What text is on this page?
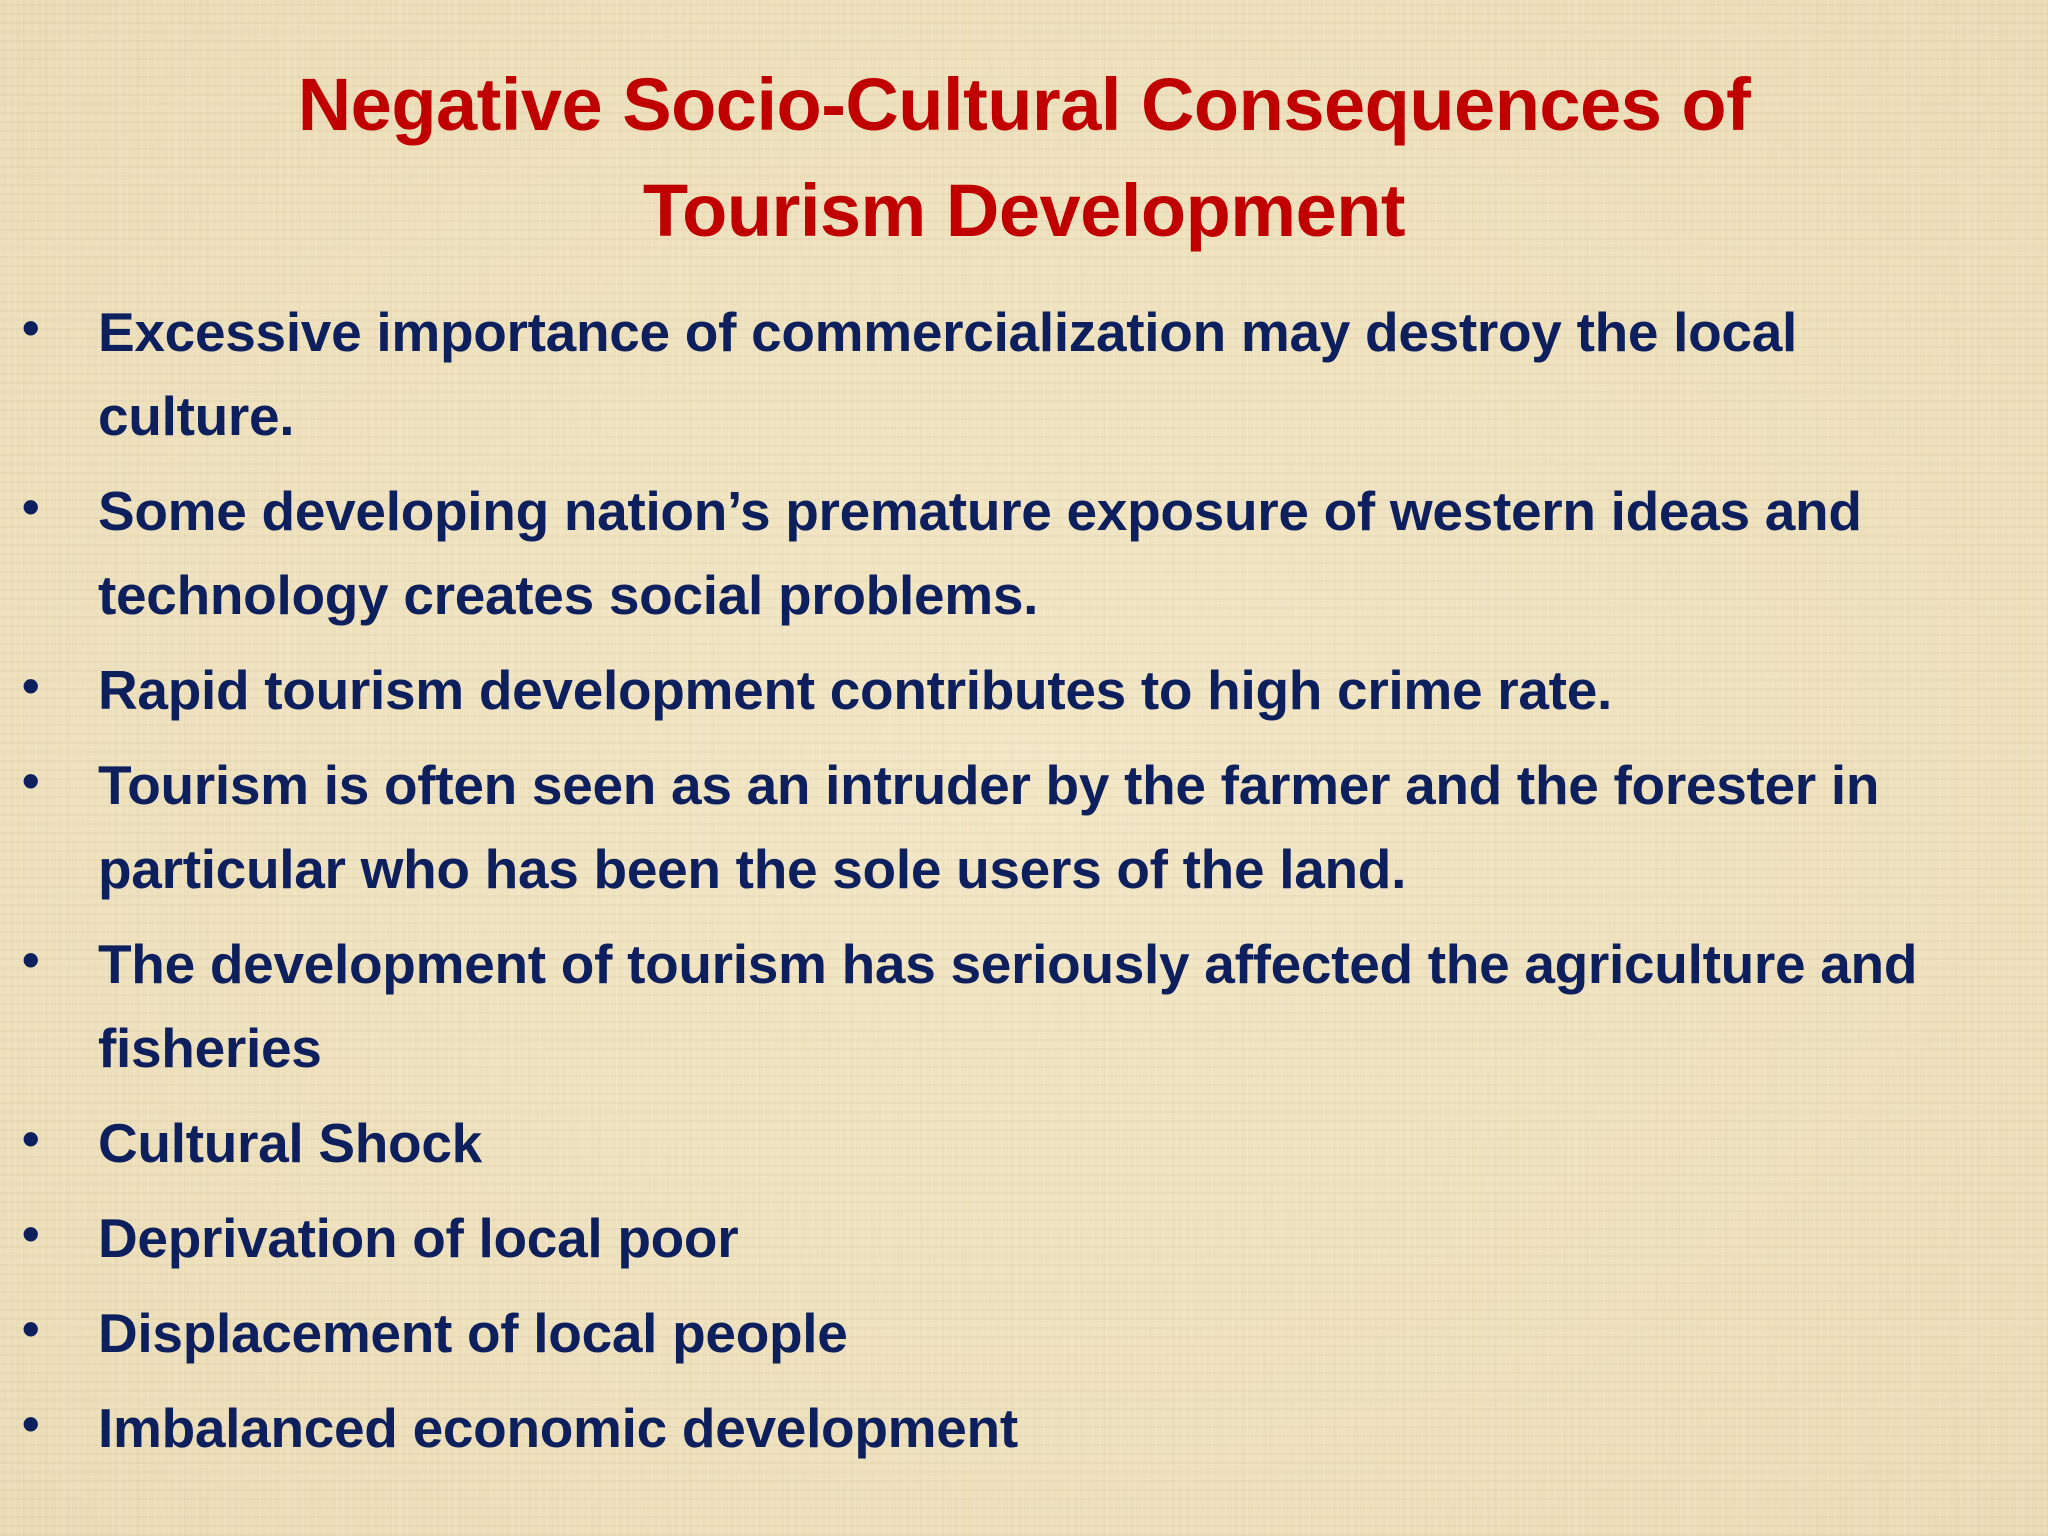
Negative Socio-Cultural Consequences of
Tourism Development
• Excessive importance of commercialization may destroy the local culture.
• Some developing nation’s premature exposure of western ideas and technology creates social problems.
• Rapid tourism development contributes to high crime rate.
• Tourism is often seen as an intruder by the farmer and the forester in particular who has been the sole users of the land.
• The development of tourism has seriously affected the agriculture and fisheries
• Cultural Shock
• Deprivation of local poor
• Displacement of local people
• Imbalanced economic development
